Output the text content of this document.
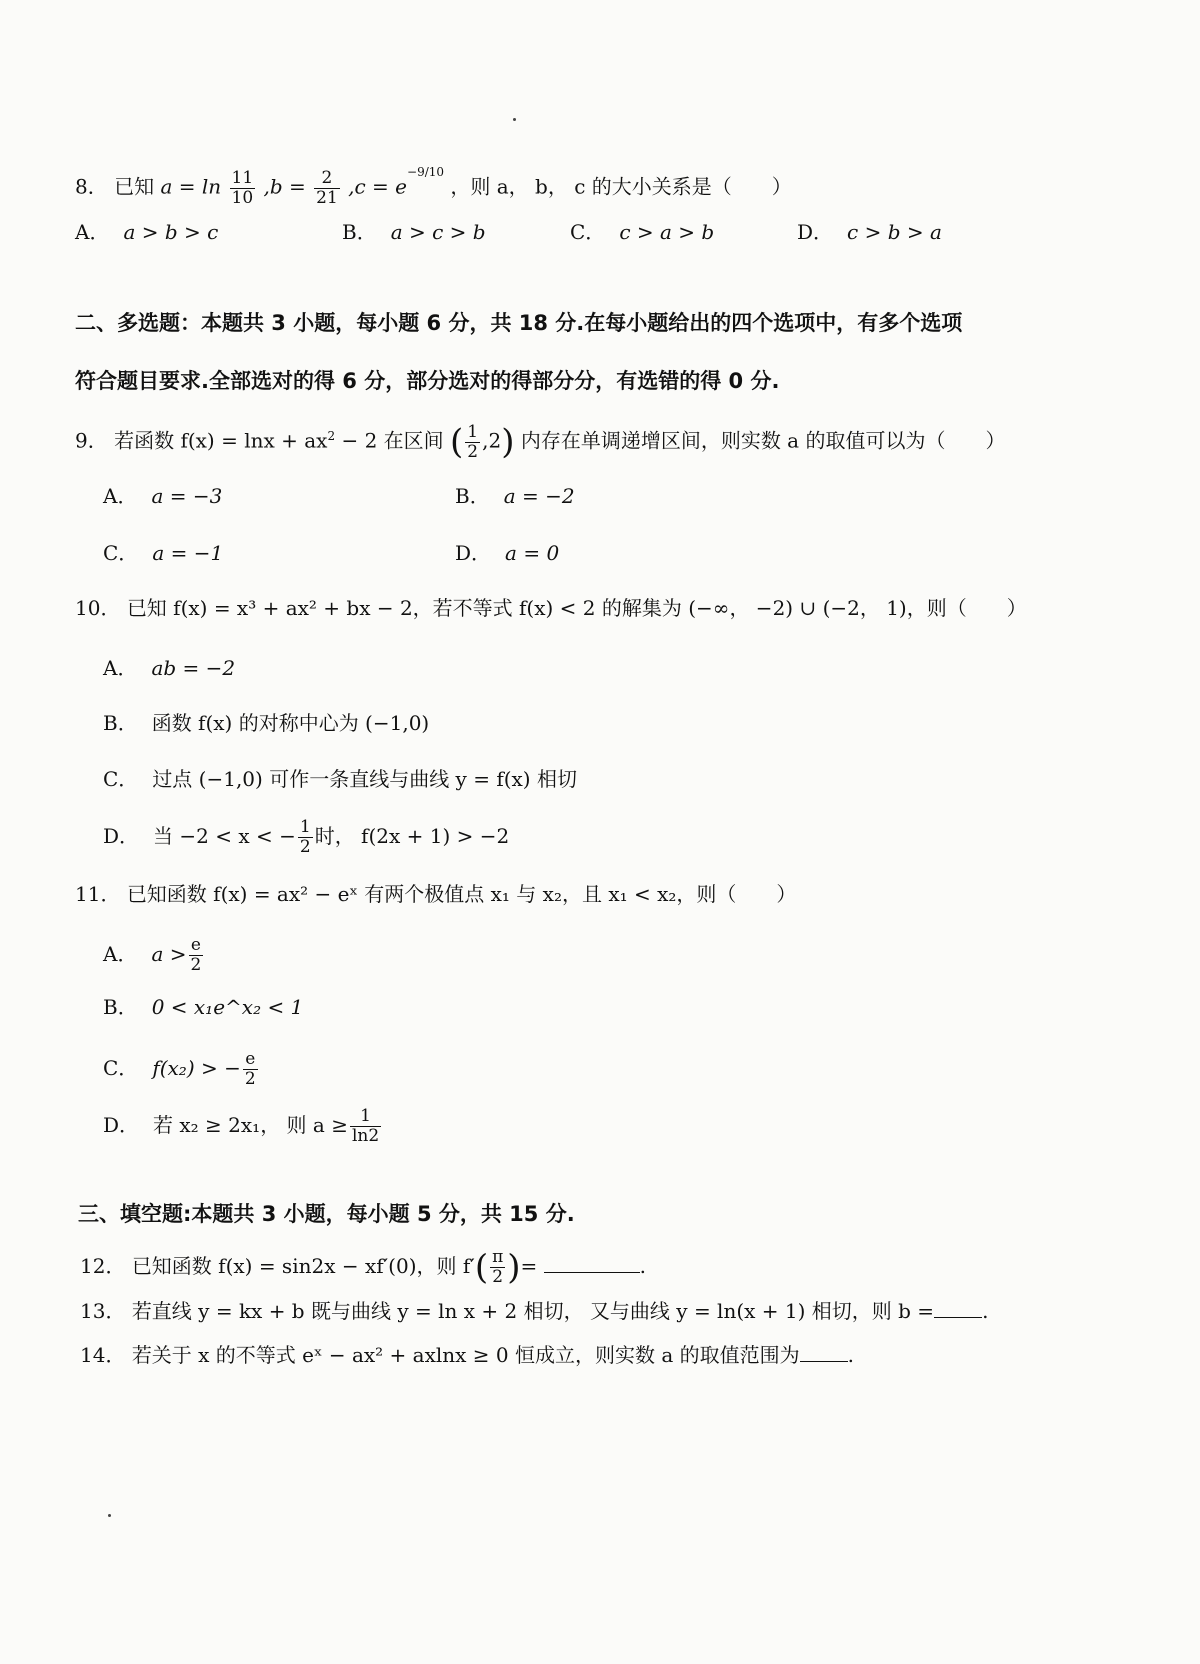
8． 已知 $a = \ln \frac{11}{10} ,b = \frac{2}{21} ,c = e^{-9/10}$ ，则 a， b， c 的大小关系是（　　）
A． a > b > c	B． a > c > b	C． c > a > b	D． c > b > a
二、多选题：本题共 3 小题，每小题 6 分，共 18 分.在每小题给出的四个选项中，有多个选项
符合题目要求.全部选对的得 6 分，部分选对的得部分分，有选错的得 0 分.
9． 若函数 $f(x) = \ln x + ax^2 - 2$ 在区间 ( $\frac{1}{2} ,2$) 内存在单调递增区间，则实数 a 的取值可以为（　　）
A． a = −3	B． a = −2
C． a = −1	D． a = 0
10． 已知 f(x) = x³ + ax² + bx − 2，若不等式 f(x) < 2 的解集为 (−∞， −2) ∪ (−2， 1)，则（　　）
A． ab = −2
B． 函数 f(x) 的对称中心为 (−1,0)
C． 过点 (−1,0) 可作一条直线与曲线 y = f(x) 相切
D． 当 −2 < x < − $\frac{1}{2}$ 时， f(2x + 1) > −2
11． 已知函数 f(x) = ax² − eˣ 有两个极值点 x₁ 与 x₂，且 x₁ < x₂，则（　　）
A． $a > \frac{e}{2}$
B． 0 < x₁e^x₂ < 1
C． f(x₂) > − $\frac{e}{2}$
D． 若 x₂ ≥ 2x₁， 则 $a \ge \frac{1}{\ln 2}$
三、填空题:本题共 3 小题，每小题 5 分，共 15 分.
12． 已知函数 f(x) = sin2x − xf′(0)，则 $f'( \frac{\pi}{2}$ )=	.
13． 若直线 y = kx + b 既与曲线 y = ln x + 2 相切， 又与曲线 y = ln(x + 1) 相切，则 b = .
14． 若关于 x 的不等式 eˣ − ax² + axlnx ≥ 0 恒成立，则实数 a 的取值范围为 .
